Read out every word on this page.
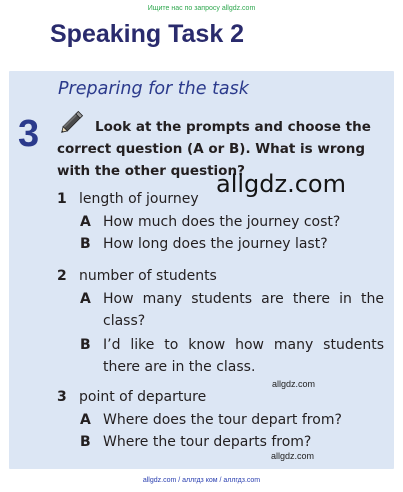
Ищите нас по запросу allgdz.com
Speaking Task 2
3
Preparing for the task
Look at the prompts and choose the correct question (A or B). What is wrong with the other question?
allgdz.com
1 length of journey
A How much does the journey cost?
B How long does the journey last?
2 number of students
A How many students are there in the
class?
B I’d like to know how many students
there are in the class.
allgdz.com
3 point of departure
A Where does the tour depart from?
B Where the tour departs from?
allgdz.com
allgdz.com / аллгдз ком / аллгдз.com
